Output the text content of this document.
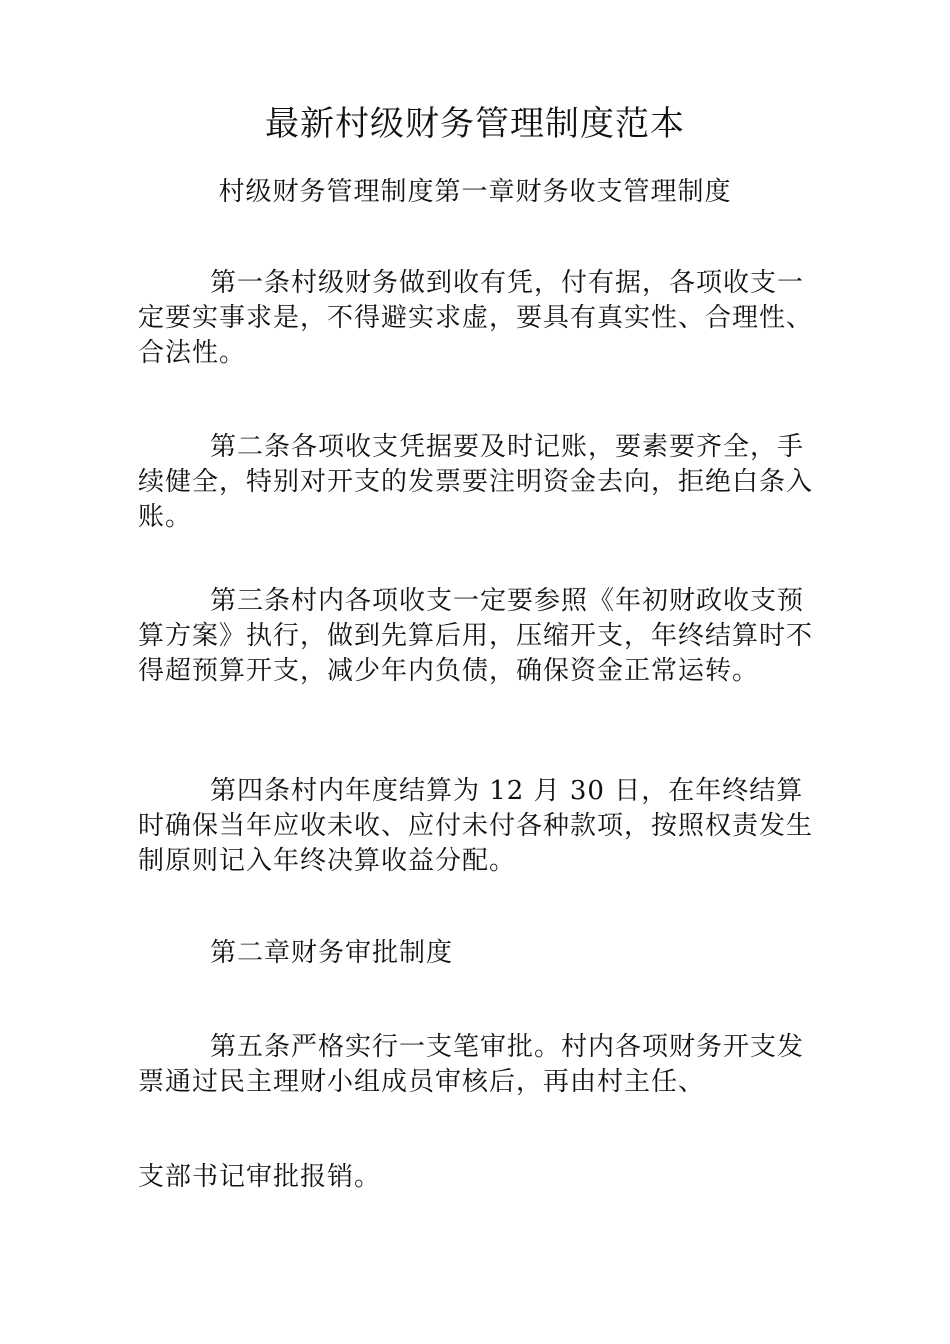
最新村级财务管理制度范本
村级财务管理制度第一章财务收支管理制度
第一条村级财务做到收有凭，付有据，各项收支一定要实事求是，不得避实求虚，要具有真实性、合理性、合法性。
第二条各项收支凭据要及时记账，要素要齐全，手续健全，特别对开支的发票要注明资金去向，拒绝白条入账。
第三条村内各项收支一定要参照《年初财政收支预算方案》执行，做到先算后用，压缩开支，年终结算时不得超预算开支，减少年内负债，确保资金正常运转。
第四条村内年度结算为 12 月 30 日，在年终结算时确保当年应收未收、应付未付各种款项，按照权责发生制原则记入年终决算收益分配。
第二章财务审批制度
第五条严格实行一支笔审批。村内各项财务开支发票通过民主理财小组成员审核后，再由村主任、
支部书记审批报销。
